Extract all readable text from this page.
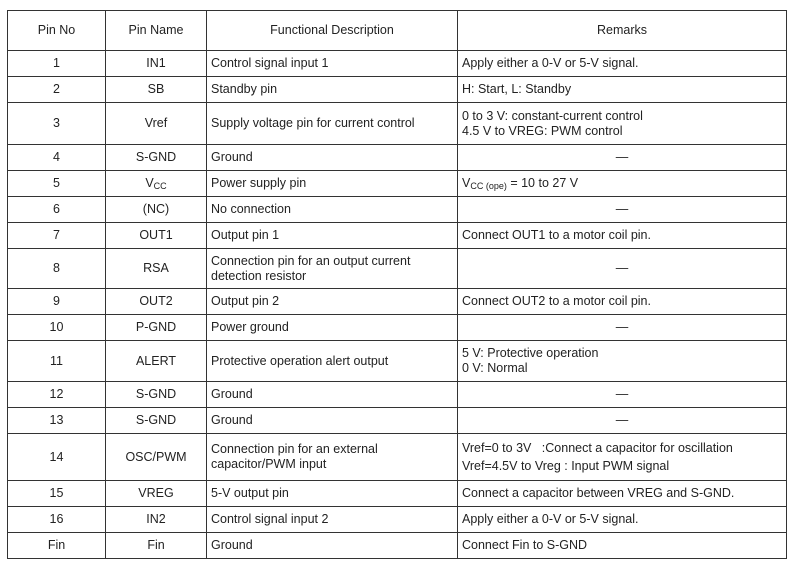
Pin No	Pin Name	Functional Description	Remarks
1	IN1	Control signal input 1	Apply either a 0-V or 5-V signal.

2	SB	Standby pin	H: Start, L: Standby

3	Vref	Supply voltage pin for current control	0 to 3 V: constant-current control
4.5 V to VREG: PWM control

4	S-GND	Ground	—

5	$V_{CC}$	Power supply pin	$V_{CC (ope)} = 10$ to 27 V
6	(NC)	No connection	—

7	OUT1	Output pin 1	Connect OUT1 to a motor coil pin.

8	RSA	Connection pin for an output current
detection resistor	—

9	OUT2	Output pin 2	Connect OUT2 to a motor coil pin.

10	P-GND	Power ground	—

11	ALERT	Protective operation alert output	5 V: Protective operation
0 V: Normal

12	S-GND	Ground	—

13	S-GND	Ground	—

14	OSC/PWM	Connection pin for an external
capacitor/PWM input	Vref=0 to 3V   :Connect a capacitor for oscillation
Vref=4.5V to Vreg : Input PWM signal

15	VREG	5-V output pin	Connect a capacitor between VREG and S-GND.

16	IN2	Control signal input 2	Apply either a 0-V or 5-V signal.

Fin	Fin	Ground	Connect Fin to S-GND
